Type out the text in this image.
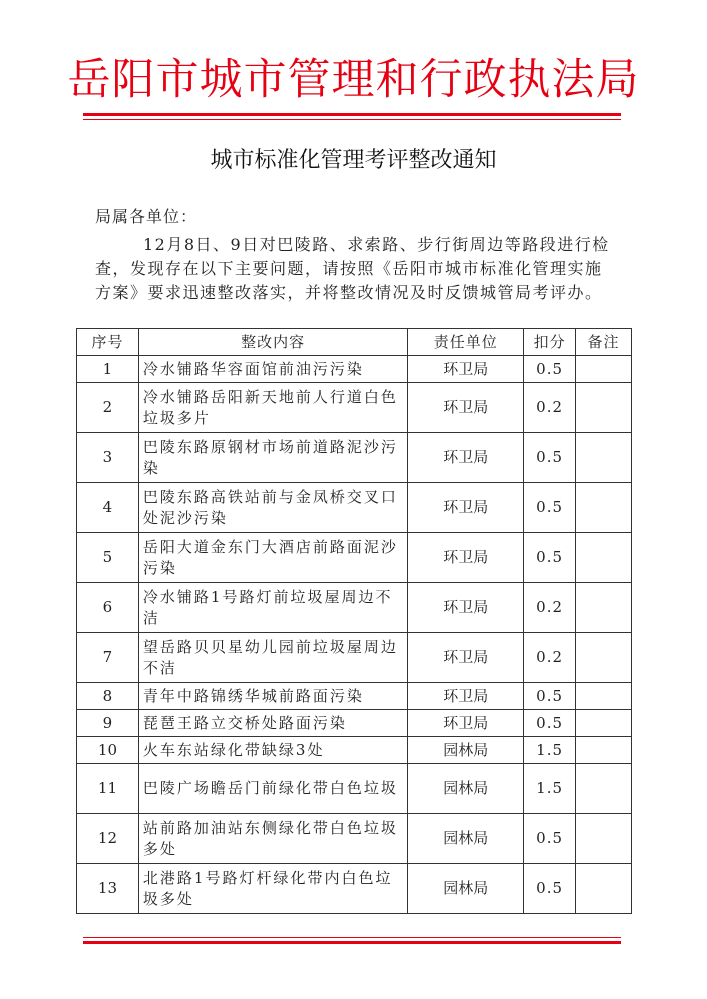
岳阳市城市管理和行政执法局
城市标准化管理考评整改通知
局属各单位：
12月8日、9日对巴陵路、求索路、步行街周边等路段进行检查，发现存在以下主要问题，请按照《岳阳市城市标准化管理实施方案》要求迅速整改落实，并将整改情况及时反馈城管局考评办。
序号	整改内容	责任单位	扣分	备注
1	冷水铺路华容面馆前油污污染	环卫局	0.5	
2	冷水铺路岳阳新天地前人行道白色垃圾多片	环卫局	0.2	
3	巴陵东路原钢材市场前道路泥沙污染	环卫局	0.5	
4	巴陵东路高铁站前与金凤桥交叉口处泥沙污染	环卫局	0.5	
5	岳阳大道金东门大酒店前路面泥沙污染	环卫局	0.5	
6	冷水铺路1号路灯前垃圾屋周边不洁	环卫局	0.2	
7	望岳路贝贝星幼儿园前垃圾屋周边不洁	环卫局	0.2	
8	青年中路锦绣华城前路面污染	环卫局	0.5	
9	琵琶王路立交桥处路面污染	环卫局	0.5	
10	火车东站绿化带缺绿3处	园林局	1.5	
11	巴陵广场瞻岳门前绿化带白色垃圾	园林局	1.5	
12	站前路加油站东侧绿化带白色垃圾多处	园林局	0.5	
13	北港路1号路灯杆绿化带内白色垃圾多处	园林局	0.5	
